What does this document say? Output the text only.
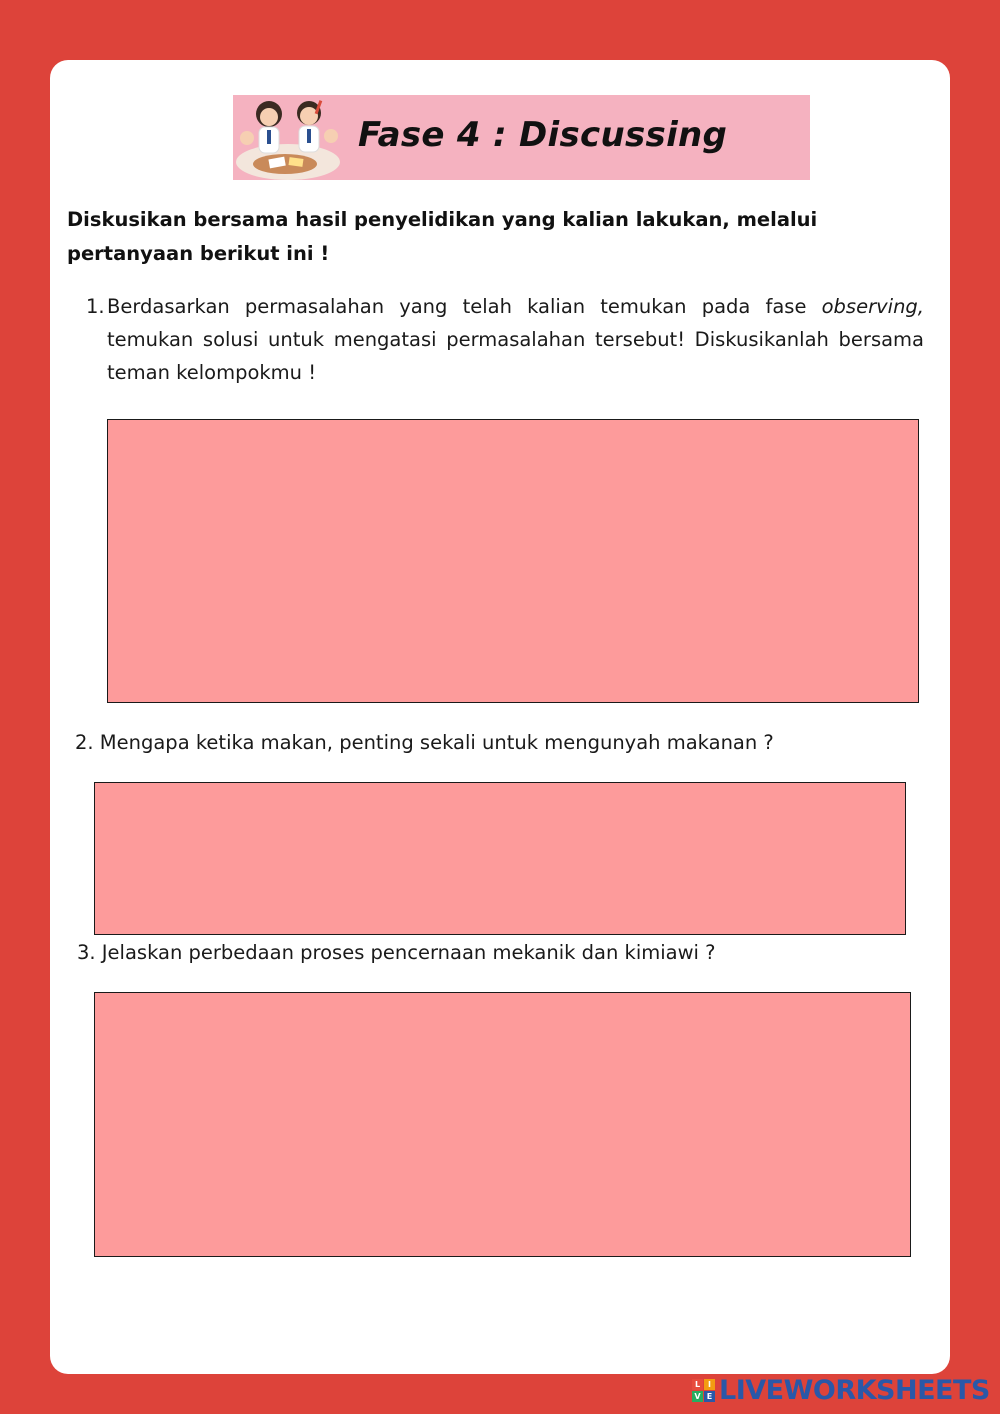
Fase 4 : Discussing
Diskusikan bersama hasil penyelidikan yang kalian lakukan, melalui pertanyaan berikut ini !
1. Berdasarkan permasalahan yang telah kalian temukan pada fase observing, temukan solusi untuk mengatasi permasalahan tersebut! Diskusikanlah bersama teman kelompokmu !
2. Mengapa ketika makan, penting sekali untuk mengunyah makanan ?
3. Jelaskan perbedaan proses pencernaan mekanik dan kimiawi ?
L I
V E LIVEWORKSHEETS
